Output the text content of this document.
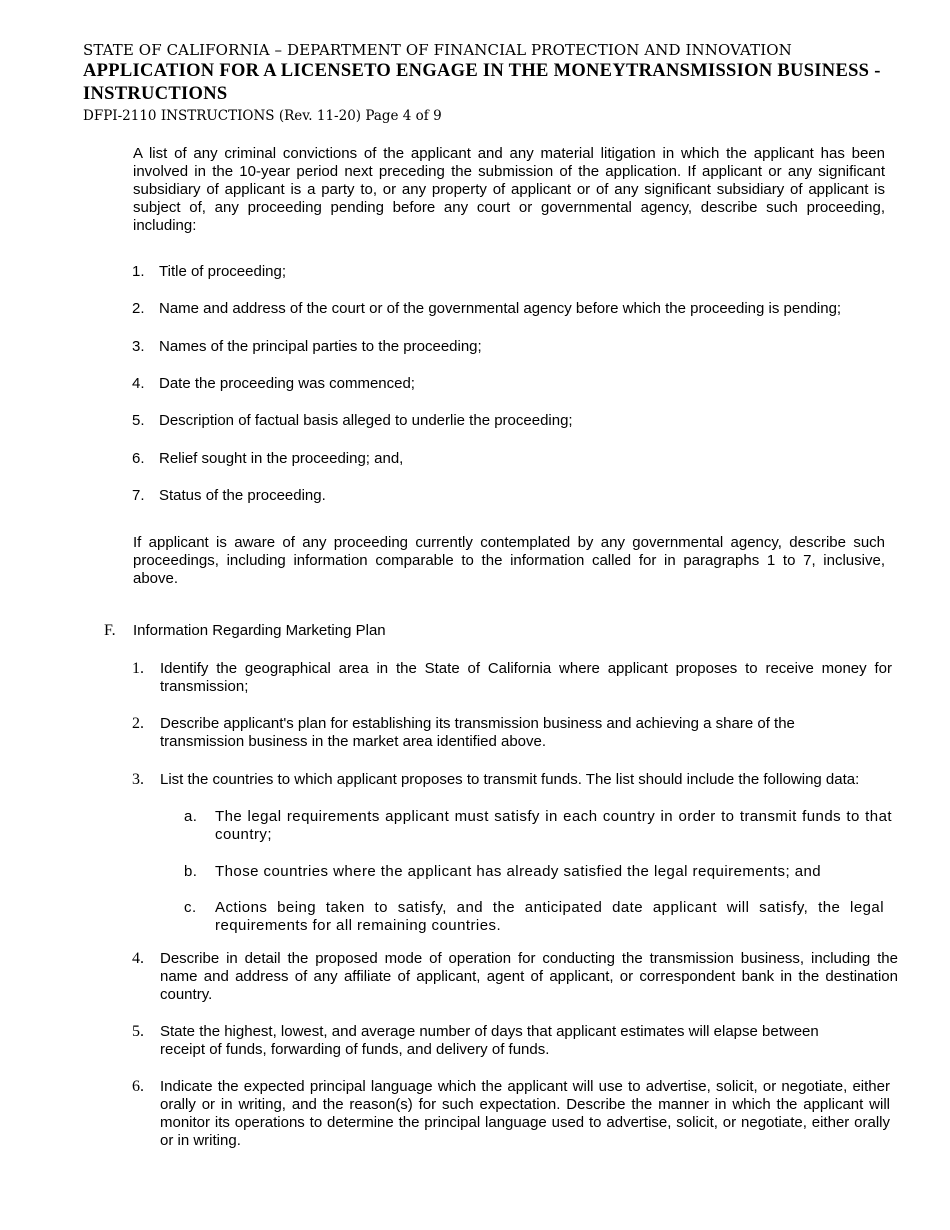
STATE OF CALIFORNIA – DEPARTMENT OF FINANCIAL PROTECTION AND INNOVATION
APPLICATION FOR A LICENSETO ENGAGE IN THE MONEYTRANSMISSION BUSINESS -
INSTRUCTIONS
DFPI-2110 INSTRUCTIONS (Rev. 11-20) Page 4 of 9

A list of any criminal convictions of the applicant and any material litigation in which the applicant has been involved in the 10-year period next preceding the submission of the application. If applicant or any significant subsidiary of applicant is a party to, or any property of applicant or of any significant subsidiary of applicant is subject of, any proceeding pending before any court or governmental agency, describe such proceeding, including:

1. Title of proceeding;
2. Name and address of the court or of the governmental agency before which the proceeding is pending;
3. Names of the principal parties to the proceeding;
4. Date the proceeding was commenced;
5. Description of factual basis alleged to underlie the proceeding;
6. Relief sought in the proceeding; and,
7. Status of the proceeding.

If applicant is aware of any proceeding currently contemplated by any governmental agency, describe such proceedings, including information comparable to the information called for in paragraphs 1 to 7, inclusive, above.

F.	Information Regarding Marketing Plan
1.	Identify the geographical area in the State of California where applicant proposes to receive money for transmission;
2.	Describe applicant's plan for establishing its transmission business and achieving a share of the transmission business in the market area identified above.
3.	List the countries to which applicant proposes to transmit funds. The list should include the following data:
a.	The legal requirements applicant must satisfy in each country in order to transmit funds to that country;
b.	Those countries where the applicant has already satisfied the legal requirements; and
c.	Actions being taken to satisfy, and the anticipated date applicant will satisfy, the legal requirements for all remaining countries.
4.	Describe in detail the proposed mode of operation for conducting the transmission business, including the name and address of any affiliate of applicant, agent of applicant, or correspondent bank in the destination country.
5.	State the highest, lowest, and average number of days that applicant estimates will elapse between receipt of funds, forwarding of funds, and delivery of funds.
6.	Indicate the expected principal language which the applicant will use to advertise, solicit, or negotiate, either orally or in writing, and the reason(s) for such expectation. Describe the manner in which the applicant will monitor its operations to determine the principal language used to advertise, solicit, or negotiate, either orally or in writing.
